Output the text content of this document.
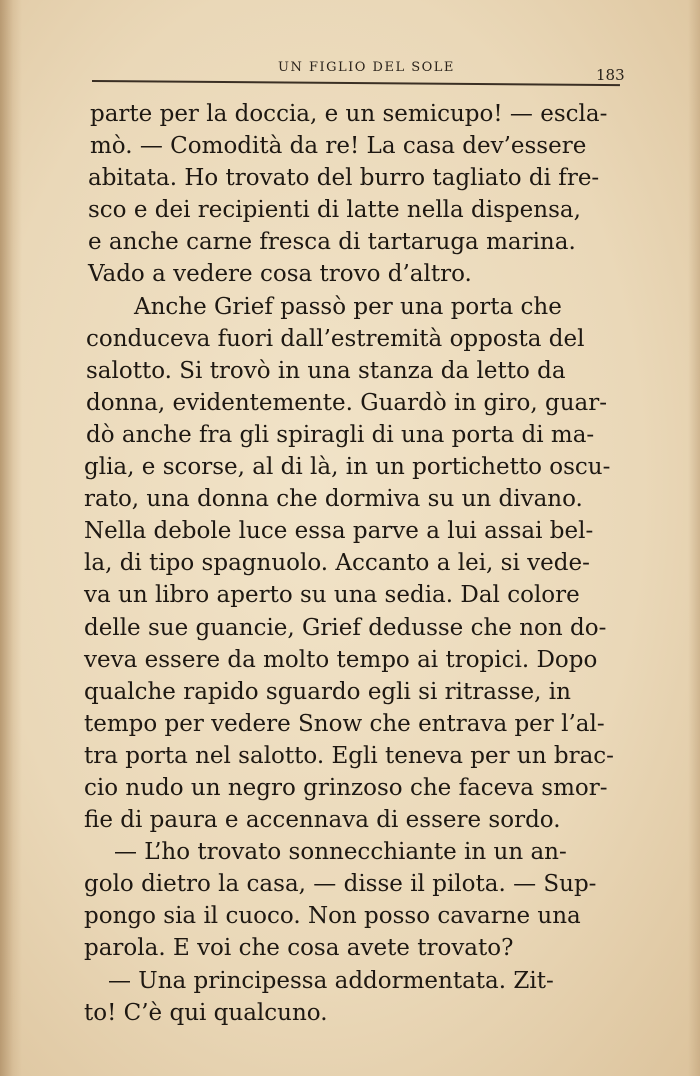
UN FIGLIO DEL SOLE	183
parte per la doccia, e un semicupo! — escla-
mò. — Comodità da re! La casa dev’essere
abitata. Ho trovato del burro tagliato di fre-
sco e dei recipienti di latte nella dispensa,
e anche carne fresca di tartaruga marina.
Vado a vedere cosa trovo d’altro.
Anche Grief passò per una porta che
conduceva fuori dall’estremità opposta del
salotto. Si trovò in una stanza da letto da
donna, evidentemente. Guardò in giro, guar-
dò anche fra gli spiragli di una porta di ma-
glia, e scorse, al di là, in un portichetto oscu-
rato, una donna che dormiva su un divano.
Nella debole luce essa parve a lui assai bel-
la, di tipo spagnuolo. Accanto a lei, si vede-
va un libro aperto su una sedia. Dal colore
delle sue guancie, Grief dedusse che non do-
veva essere da molto tempo ai tropici. Dopo
qualche rapido sguardo egli si ritrasse, in
tempo per vedere Snow che entrava per l’al-
tra porta nel salotto. Egli teneva per un brac-
cio nudo un negro grinzoso che faceva smor-
fie di paura e accennava di essere sordo.
— L’ho trovato sonnecchiante in un an-
golo dietro la casa, — disse il pilota. — Sup-
pongo sia il cuoco. Non posso cavarne una
parola. E voi che cosa avete trovato?
— Una principessa addormentata. Zit-
to! C’è qui qualcuno.
